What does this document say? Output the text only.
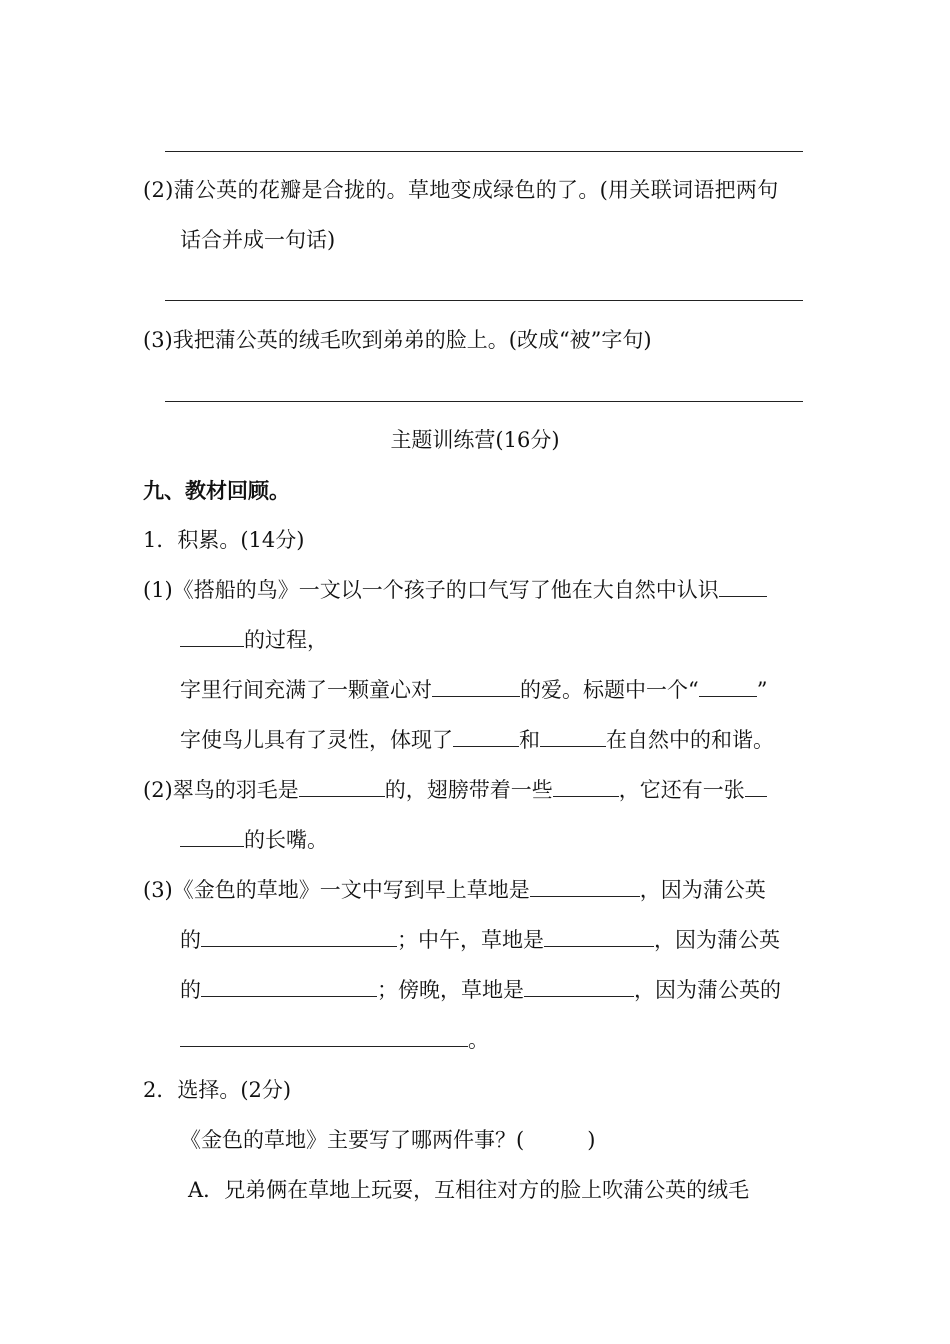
(2)蒲公英的花瓣是合拢的。草地变成绿色的了。(用关联词语把两句
话合并成一句话)
(3)我把蒲公英的绒毛吹到弟弟的脸上。(改成“被”字句)
主题训练营(16分)
九、教材回顾。
1．积累。(14分)
(1)《搭船的鸟》一文以一个孩子的口气写了他在大自然中认识
的过程，
字里行间充满了一颗童心对	的爱。标题中一个“	”
字使鸟儿具有了灵性，体现了	和	在自然中的和谐。
(2)翠鸟的羽毛是	的，翅膀带着一些	，它还有一张
的长嘴。
(3)《金色的草地》一文中写到早上草地是	，因为蒲公英
的	；中午，草地是	，因为蒲公英
的	；傍晚，草地是	，因为蒲公英的
。
2．选择。(2分)
《金色的草地》主要写了哪两件事？(　　　)
A．兄弟俩在草地上玩耍，互相往对方的脸上吹蒲公英的绒毛
